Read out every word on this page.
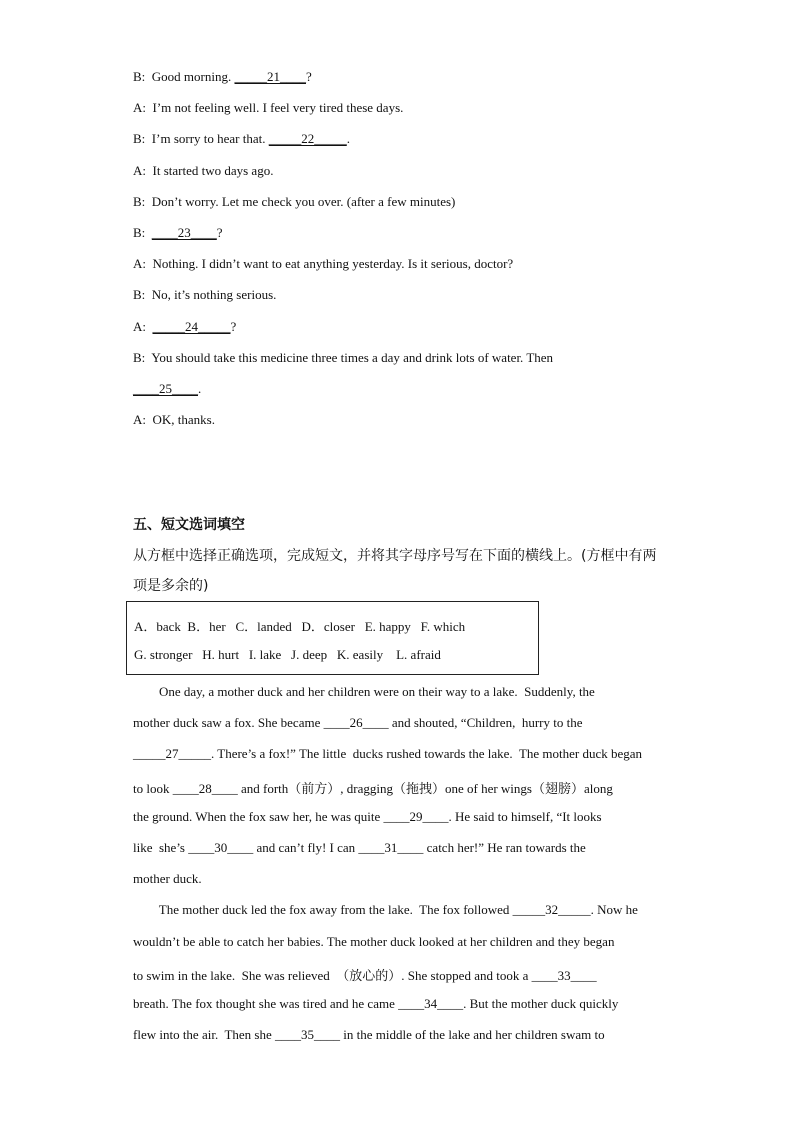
B:  Good morning. _____21____?
A:  I’m not feeling well. I feel very tired these days.
B:  I’m sorry to hear that. _____22_____.
A:  It started two days ago.
B:  Don’t worry. Let me check you over. (after a few minutes)
B:  ____23____?
A:  Nothing. I didn’t want to eat anything yesterday. Is it serious, doctor?
B:  No, it’s nothing serious.
A:  _____24_____?
B:  You should take this medicine three times a day and drink lots of water. Then
____25____.
A:  OK, thanks.
五、短文选词填空
从方框中选择正确选项，完成短文，并将其字母序号写在下面的横线上。(方框中有两
项是多余的)
A．back  B．her   C．landed   D．closer   E. happy   F. which
G. stronger   H. hurt   I. lake   J. deep   K. easily    L. afraid
One day, a mother duck and her children were on their way to a lake.  Suddenly, the
mother duck saw a fox. She became ____26____ and shouted, “Children,  hurry to the
_____27_____. There’s a fox!” The little  ducks rushed towards the lake.  The mother duck began
to look ____28____ and forth（前方）, dragging（拖拽）one of her wings（翅膀）along
the ground. When the fox saw her, he was quite ____29____. He said to himself, “It looks
like  she’s ____30____ and can’t fly! I can ____31____ catch her!” He ran towards the
mother duck.
The mother duck led the fox away from the lake.  The fox followed _____32_____. Now he
wouldn’t be able to catch her babies. The mother duck looked at her children and they began
to swim in the lake.  She was relieved  （放心的）. She stopped and took a ____33____
breath. The fox thought she was tired and he came ____34____. But the mother duck quickly
flew into the air.  Then she ____35____ in the middle of the lake and her children swam to
